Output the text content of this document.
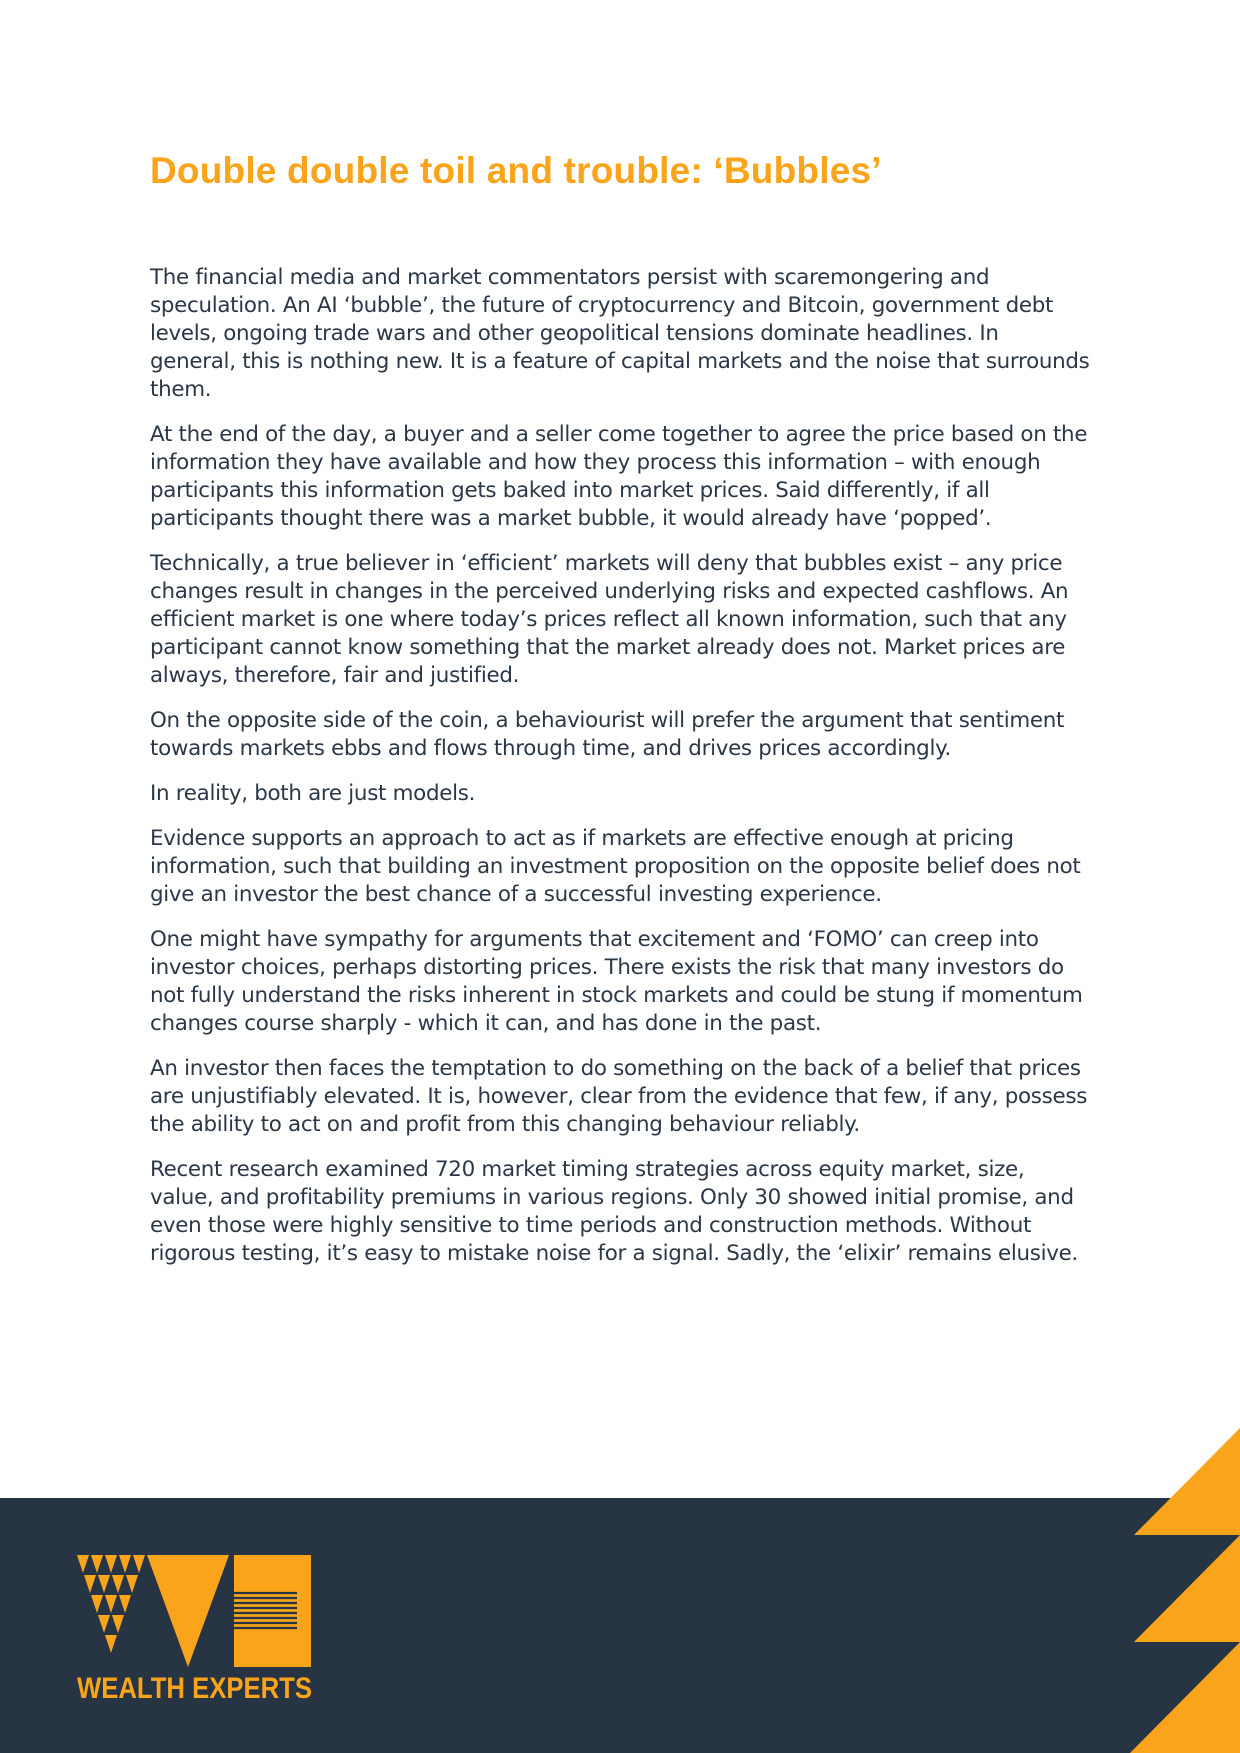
Double double toil and trouble: ‘Bubbles’

The financial media and market commentators persist with scaremongering and speculation. An AI ‘bubble’, the future of cryptocurrency and Bitcoin, government debt levels, ongoing trade wars and other geopolitical tensions dominate headlines. In general, this is nothing new. It is a feature of capital markets and the noise that surrounds them.

At the end of the day, a buyer and a seller come together to agree the price based on the information they have available and how they process this information – with enough participants this information gets baked into market prices. Said differently, if all participants thought there was a market bubble, it would already have ‘popped’.

Technically, a true believer in ‘efficient’ markets will deny that bubbles exist – any price changes result in changes in the perceived underlying risks and expected cashflows. An efficient market is one where today’s prices reflect all known information, such that any participant cannot know something that the market already does not. Market prices are always, therefore, fair and justified.

On the opposite side of the coin, a behaviourist will prefer the argument that sentiment towards markets ebbs and flows through time, and drives prices accordingly.

In reality, both are just models.

Evidence supports an approach to act as if markets are effective enough at pricing information, such that building an investment proposition on the opposite belief does not give an investor the best chance of a successful investing experience.

One might have sympathy for arguments that excitement and ‘FOMO’ can creep into investor choices, perhaps distorting prices. There exists the risk that many investors do not fully understand the risks inherent in stock markets and could be stung if momentum changes course sharply - which it can, and has done in the past.

An investor then faces the temptation to do something on the back of a belief that prices are unjustifiably elevated. It is, however, clear from the evidence that few, if any, possess the ability to act on and profit from this changing behaviour reliably.

Recent research examined 720 market timing strategies across equity market, size, value, and profitability premiums in various regions. Only 30 showed initial promise, and even those were highly sensitive to time periods and construction methods. Without rigorous testing, it’s easy to mistake noise for a signal. Sadly, the ‘elixir’ remains elusive.

WEALTH EXPERTS
